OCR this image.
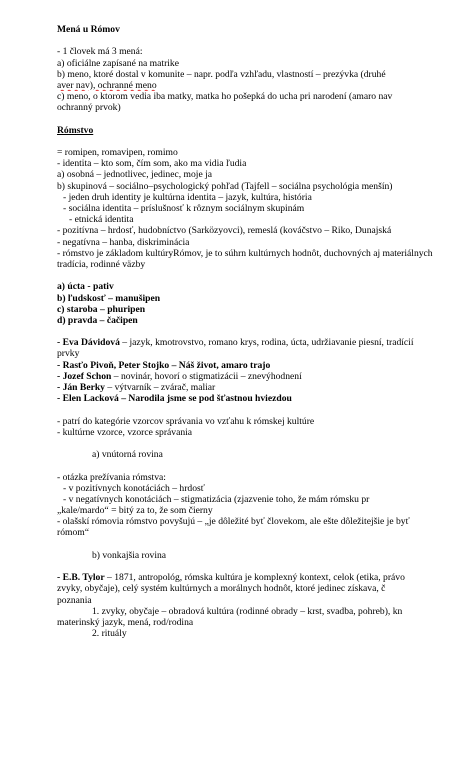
Mená u Rómov
- 1 človek má 3 mená:
a) oficiálne zapísané na matrike
b) meno, ktoré dostal v komunite – napr. podľa vzhľadu, vlastností – prezývka (druhé
aver nav), ochranné meno
c) meno, o ktorom vedia iba matky, matka ho pošepká do ucha pri narodení (amaro nav
ochranný prvok)
Rómstvo
= romipen, romavipen, romimo
- identita – kto som, čím som, ako ma vidia ľudia
a) osobná – jednotlivec, jedinec, moje ja
b) skupinová – sociálno–psychologický pohľad (Tajfell – sociálna psychológia menšín)
- jeden druh identity je kultúrna identita – jazyk, kultúra, história
- sociálna identita – príslušnosť k rôznym sociálnym skupinám
- etnická identita
- pozitívna – hrdosť, hudobníctvo (Sarközyovci), remeslá (kováčstvo – Riko, Dunajská
- negatívna – hanba, diskriminácia
- rómstvo je základom kultúryRómov, je to súhrn kultúrnych hodnôt, duchovných aj materiálnych
tradícia, rodinné väzby
a) úcta - pativ
b) ľudskosť – manušipen
c) staroba – phuripen
d) pravda – čačipen
- Eva Dávidová – jazyk, kmotrovstvo, romano krys, rodina, úcta, udržiavanie piesní, tradícií
prvky
- Rasťo Pivoň, Peter Stojko – Náš život, amaro trajo
- Jozef Schon – novinár, hovorí o stigmatizácii – znevýhodnení
- Ján Berky – výtvarník – zvárač, maliar
- Elen Lacková – Narodila jsme se pod šťastnou hviezdou
- patrí do kategórie vzorcov správania vo vzťahu k rómskej kultúre
- kultúrne vzorce, vzorce správania
a) vnútorná rovina
- otázka prežívania rómstva:
- v pozitívnych konotáciách – hrdosť
- v negatívnych konotáciách – stigmatizácia (zjazvenie toho, že mám rómsku pr
„kale/mardo“ = bitý za to, že som čierny
- olašskí rómovia rómstvo povyšujú – „je dôležité byť človekom, ale ešte dôležitejšie je byť
rómom“
b) vonkajšia rovina
- E.B. Tylor – 1871, antropológ, rómska kultúra je komplexný kontext, celok (etika, právo
zvyky, obyčaje), celý systém kultúrnych a morálnych hodnôt, ktoré jedinec získava, č
poznania
1. zvyky, obyčaje – obradová kultúra (rodinné obrady – krst, svadba, pohreb), kn
materinský jazyk, mená, rod/rodina
2. rituály
